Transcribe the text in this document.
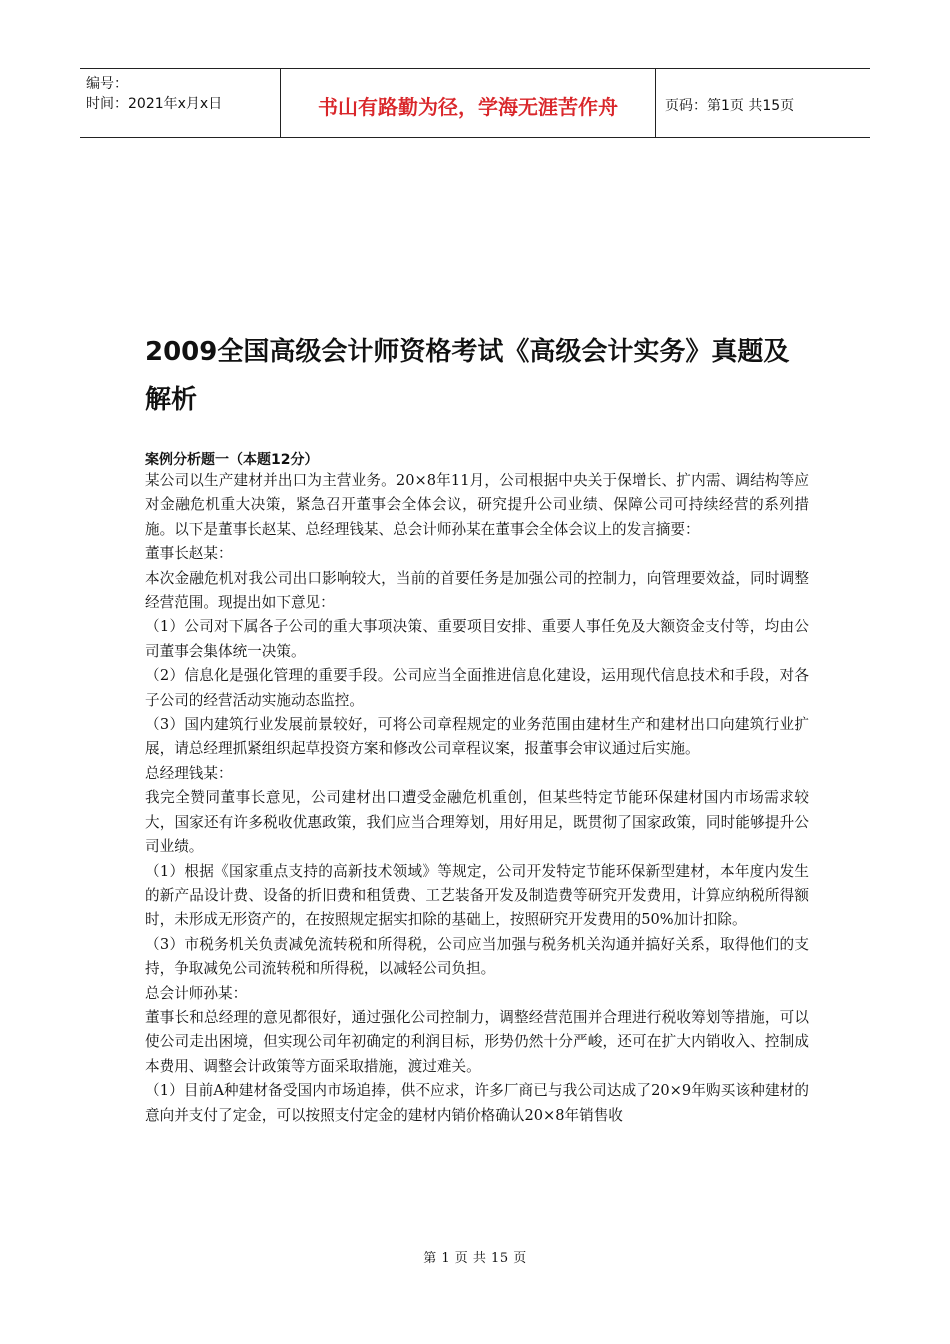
编号：
时间：2021年x月x日	书山有路勤为径，学海无涯苦作舟	页码：第1页 共15页
2009全国高级会计师资格考试《高级会计实务》真题及解析
案例分析题一（本题12分）

某公司以生产建材并出口为主营业务。20×8年11月，公司根据中央关于保增长、扩内需、调结构等应对金融危机重大决策，紧急召开董事会全体会议，研究提升公司业绩、保障公司可持续经营的系列措施。以下是董事长赵某、总经理钱某、总会计师孙某在董事会全体会议上的发言摘要：

董事长赵某：

本次金融危机对我公司出口影响较大，当前的首要任务是加强公司的控制力，向管理要效益，同时调整经营范围。现提出如下意见：

（1）公司对下属各子公司的重大事项决策、重要项目安排、重要人事任免及大额资金支付等，均由公司董事会集体统一决策。

（2）信息化是强化管理的重要手段。公司应当全面推进信息化建设，运用现代信息技术和手段，对各子公司的经营活动实施动态监控。

（3）国内建筑行业发展前景较好，可将公司章程规定的业务范围由建材生产和建材出口向建筑行业扩展，请总经理抓紧组织起草投资方案和修改公司章程议案，报董事会审议通过后实施。

总经理钱某：

我完全赞同董事长意见，公司建材出口遭受金融危机重创，但某些特定节能环保建材国内市场需求较大，国家还有许多税收优惠政策，我们应当合理筹划，用好用足，既贯彻了国家政策，同时能够提升公司业绩。

（1）根据《国家重点支持的高新技术领域》等规定，公司开发特定节能环保新型建材，本年度内发生的新产品设计费、设备的折旧费和租赁费、工艺装备开发及制造费等研究开发费用，计算应纳税所得额时，未形成无形资产的，在按照规定据实扣除的基础上，按照研究开发费用的50%加计扣除。

（3）市税务机关负责减免流转税和所得税，公司应当加强与税务机关沟通并搞好关系，取得他们的支持，争取减免公司流转税和所得税，以减轻公司负担。

总会计师孙某：

董事长和总经理的意见都很好，通过强化公司控制力，调整经营范围并合理进行税收筹划等措施，可以使公司走出困境，但实现公司年初确定的利润目标，形势仍然十分严峻，还可在扩大内销收入、控制成本费用、调整会计政策等方面采取措施，渡过难关。

（1）目前A种建材备受国内市场追捧，供不应求，许多厂商已与我公司达成了20×9年购买该种建材的意向并支付了定金，可以按照支付定金的建材内销价格确认20×8年销售收

第 1 页 共 15 页
